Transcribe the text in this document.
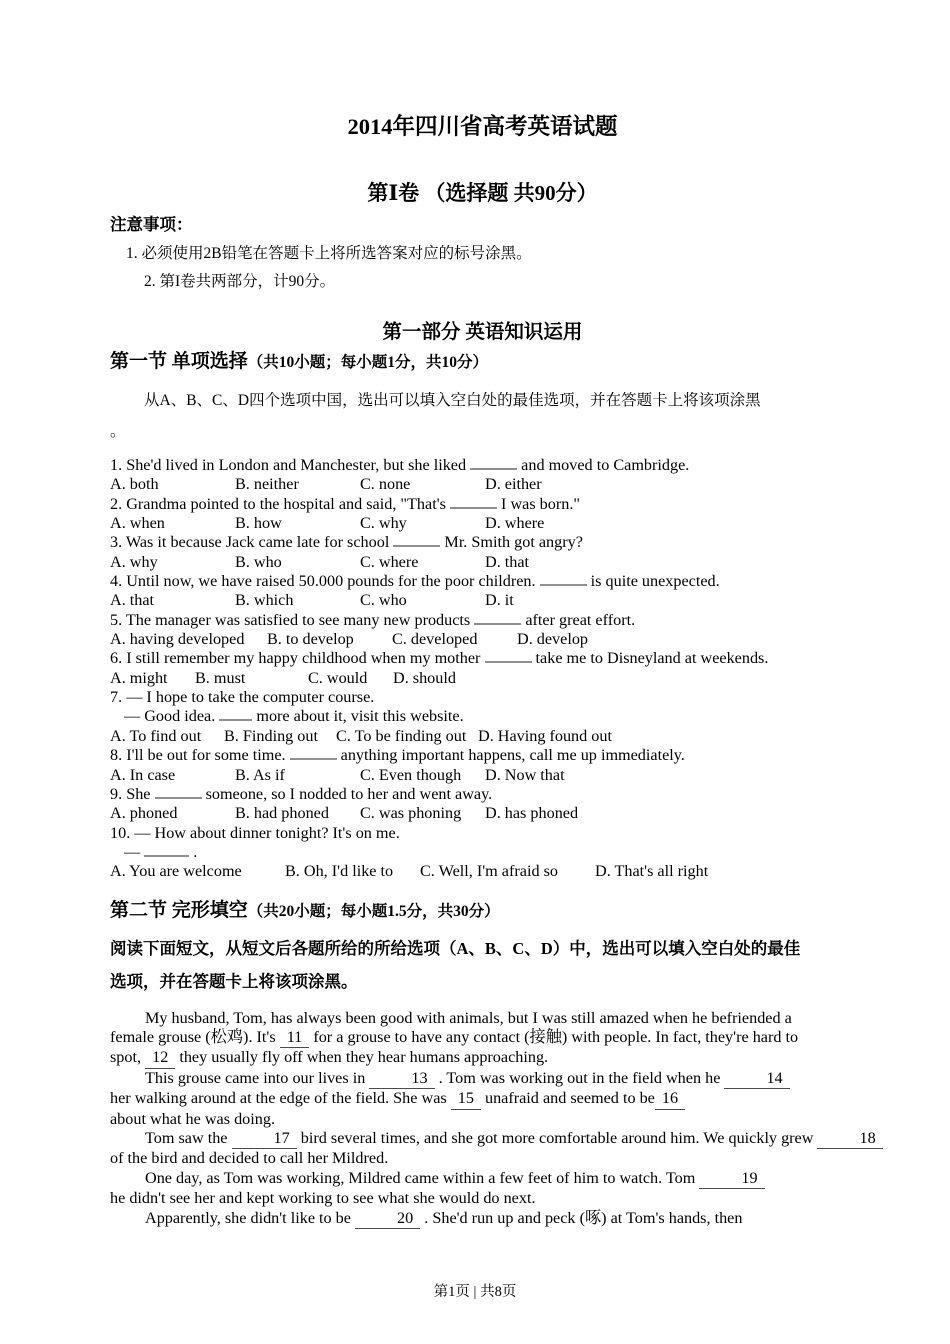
2014年四川省高考英语试题
第Ⅰ卷 （选择题 共90分）

注意事项：

1. 必须使用2B铅笔在答题卡上将所选答案对应的标号涂黑。

2. 第I卷共两部分，计90分。

第一部分 英语知识运用
第一节 单项选择（共10小题；每小题1分，共10分）

从A、B、C、D四个选项中国，选出可以填入空白处的最佳选项，并在答题卡上将该项涂黑
。

1. She'd lived in London and Manchester, but she liked	and moved to Cambridge.

A. both	B. neither	C. none	D. either

2. Grandma pointed to the hospital and said, "That's	I was born."

A. when	B. how	C. why	D. where

3. Was it because Jack came late for school	Mr. Smith got angry?

A. why	B. who	C. where	D. that

4. Until now, we have raised 50.000 pounds for the poor children.	is quite unexpected.

A. that	B. which	C. who	D. it

5. The manager was satisfied to see many new products	after great effort.

A. having developed B. to develop C. developed D. develop

6. I still remember my happy childhood when my mother	take me to Disneyland at weekends.

A. might B. must	C. would D. should

7. — I hope to take the computer course.

— Good idea.  more about it, visit this website.

A. To find out B. Finding out C. To be finding out D. Having found out

8. I'll be out for some time.	anything important happens, call me up immediately.

A. In case	B. As if	C. Even though D. Now that

9. She	someone, so I nodded to her and went away.

A. phoned	B. had phoned C. was phoning D. has phoned

10. — How about dinner tonight? It's on me.

—	.

A. You are welcome	B. Oh, I'd like to C. Well, I'm afraid so D. That's all right

第二节 完形填空（共20小题；每小题1.5分，共30分）

阅读下面短文，从短文后各题所给的所给选项（A、B、C、D）中，选出可以填入空白处的最佳
选项，并在答题卡上将该项涂黑。

My husband, Tom, has always been good with animals, but I was still amazed when he befriended a

female grouse (松鸡). It's 11 for a grouse to have any contact (接触) with people. In fact, they're hard to

spot, 12 they usually fly off when they hear humans approaching.

This grouse came into our lives in	13 . Tom was working out in the field when he	14

her walking around at the edge of the field. She was 15 unafraid and seemed to be 16

about what he was doing.

Tom saw the	17 bird several times, and she got more comfortable around him. We quickly grew	18

of the bird and decided to call her Mildred.

One day, as Tom was working, Mildred came within a few feet of him to watch. Tom	19

he didn't see her and kept working to see what she would do next.

Apparently, she didn't like to be	20 . She'd run up and peck (啄) at Tom's hands, then

第1页 | 共8页
